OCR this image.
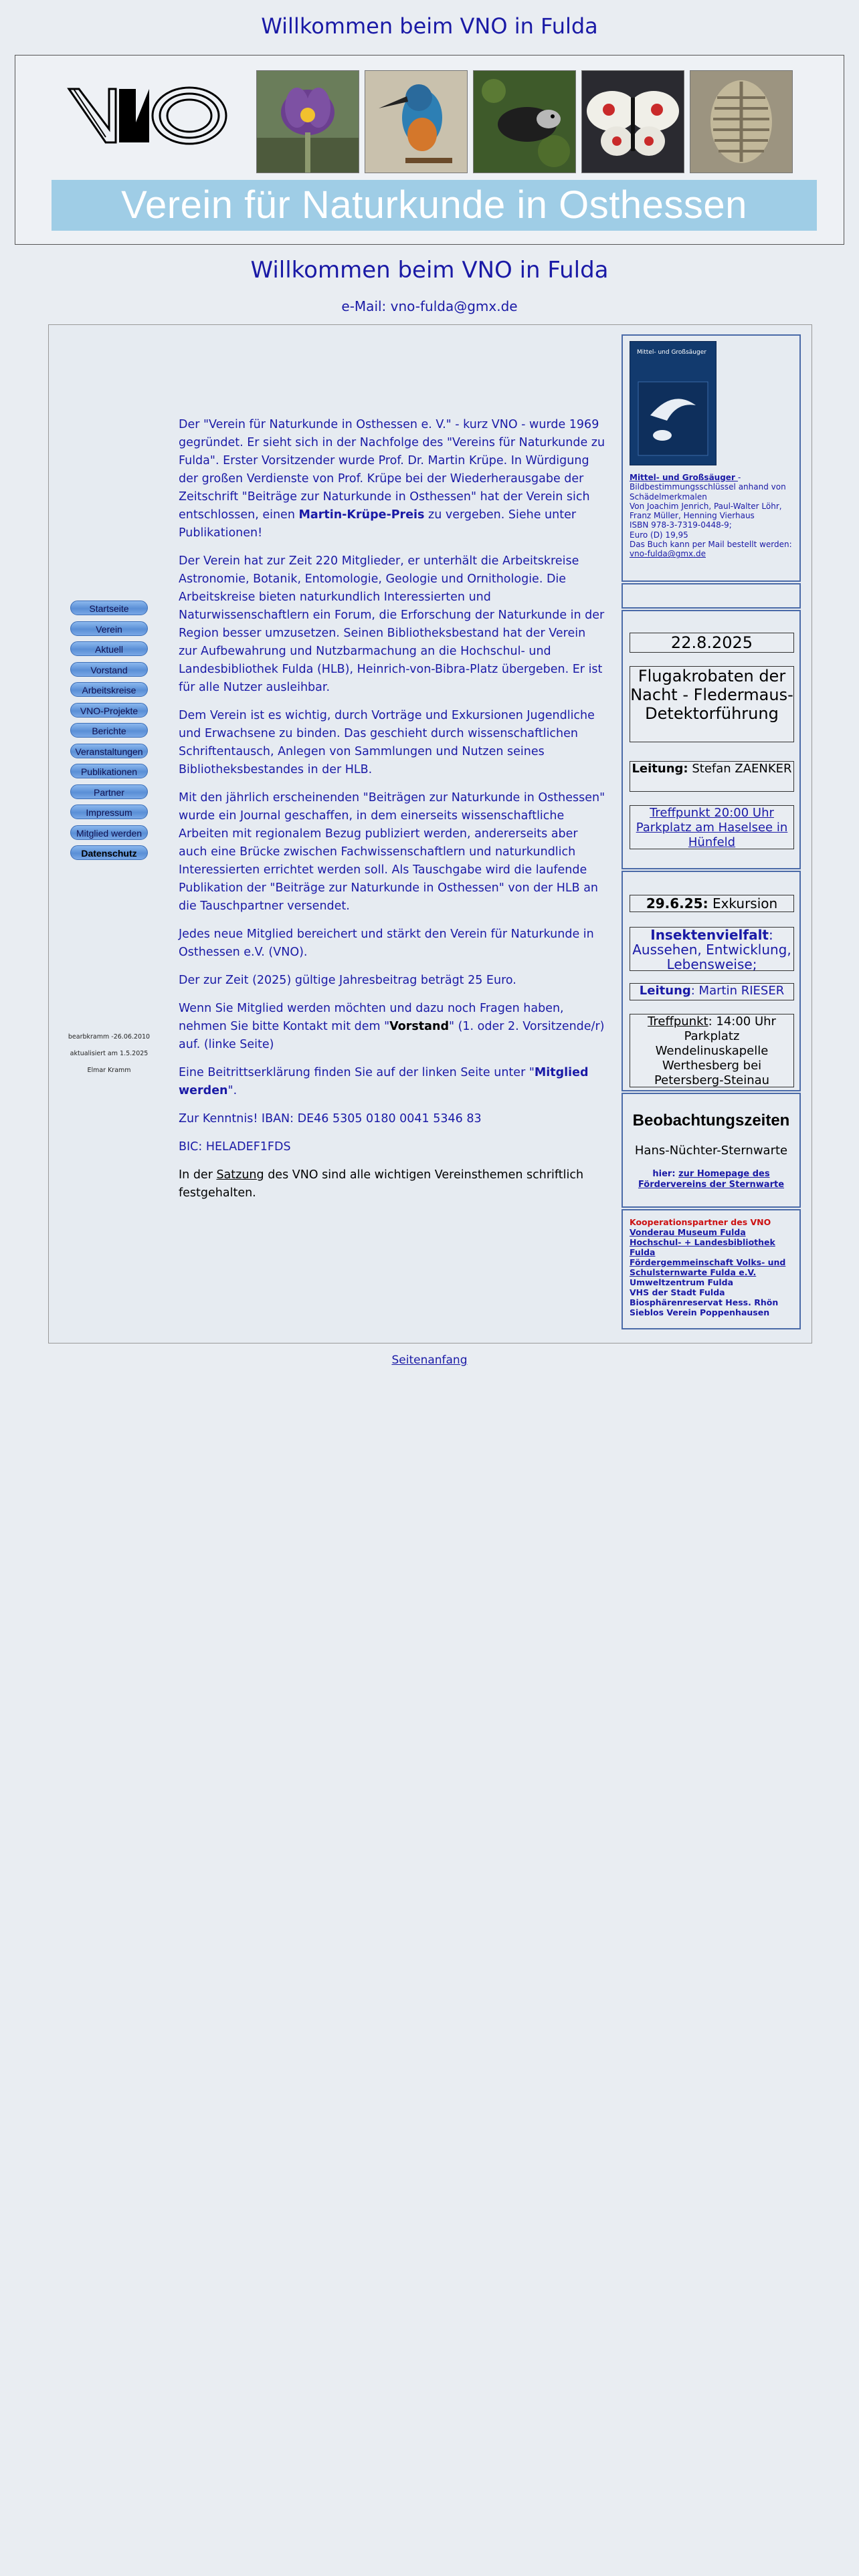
Willkommen beim VNO in Fulda
Verein für Naturkunde in Osthessen
Willkommen beim VNO in Fulda
e-Mail: vno-fulda@gmx.de
Startseite
Verein
Aktuell
Vorstand
Arbeitskreise
VNO-Projekte
Berichte
Veranstaltungen
Publikationen
Partner
Impressum
Mitglied werden
Datenschutz
bearbkramm -26.06.2010
aktualisiert am 1.5.2025
Elmar Kramm

Der "Verein für Naturkunde in Osthessen e. V." - kurz VNO - wurde 1969 gegründet. Er sieht sich in der Nachfolge des "Vereins für Naturkunde zu Fulda". Erster Vorsitzender wurde Prof. Dr. Martin Krüpe. In Würdigung der großen Verdienste von Prof. Krüpe bei der Wiederherausgabe der Zeitschrift "Beiträge zur Naturkunde in Osthessen" hat der Verein sich entschlossen, einen Martin-Krüpe-Preis zu vergeben. Siehe unter Publikationen!

Der Verein hat zur Zeit 220 Mitglieder, er unterhält die Arbeitskreise Astronomie, Botanik, Entomologie, Geologie und Ornithologie. Die Arbeitskreise bieten naturkundlich Interessierten und Naturwissenschaftlern ein Forum, die Erforschung der Naturkunde in der Region besser umzusetzen. Seinen Bibliotheksbestand hat der Verein zur Aufbewahrung und Nutzbarmachung an die Hochschul- und Landesbibliothek Fulda (HLB), Heinrich-von-Bibra-Platz übergeben. Er ist für alle Nutzer ausleihbar.

Dem Verein ist es wichtig, durch Vorträge und Exkursionen Jugendliche und Erwachsene zu binden. Das geschieht durch wissenschaftlichen Schriftentausch, Anlegen von Sammlungen und Nutzen seines Bibliotheksbestandes in der HLB.

Mit den jährlich erscheinenden "Beiträgen zur Naturkunde in Osthessen" wurde ein Journal geschaffen, in dem einerseits wissenschaftliche Arbeiten mit regionalem Bezug publiziert werden, andererseits aber auch eine Brücke zwischen Fachwissenschaftlern und naturkundlich Interessierten errichtet werden soll. Als Tauschgabe wird die laufende Publikation der "Beiträge zur Naturkunde in Osthessen" von der HLB an die Tauschpartner versendet.

Jedes neue Mitglied bereichert und stärkt den Verein für Naturkunde in Osthessen e.V. (VNO).

Der zur Zeit (2025) gültige Jahresbeitrag beträgt 25 Euro.

Wenn Sie Mitglied werden möchten und dazu noch Fragen haben, nehmen Sie bitte Kontakt mit dem "Vorstand" (1. oder 2. Vorsitzende/r) auf. (linke Seite)

Eine Beitrittserklärung finden Sie auf der linken Seite unter "Mitglied werden".

Zur Kenntnis! IBAN: DE46 5305 0180 0041 5346 83

BIC: HELADEF1FDS

In der Satzung des VNO sind alle wichtigen Vereinsthemen schriftlich festgehalten.

Mittel- und Großsäuger
Mittel- und Großsäuger - Bildbestimmungsschlüssel anhand von Schädelmerkmalen
Von Joachim Jenrich, Paul-Walter Löhr, Franz Müller, Henning Vierhaus
ISBN 978-3-7319-0448-9;
Euro (D) 19,95
Das Buch kann per Mail bestellt werden:
vno-fulda@gmx.de
22.8.2025
Flugakrobaten der Nacht - Fledermaus-Detektorführung
Leitung: Stefan ZAENKER
Treffpunkt 20:00 Uhr Parkplatz am Haselsee in Hünfeld
29.6.25: Exkursion
Insektenvielfalt: Aussehen, Entwicklung, Lebensweise;
Leitung: Martin RIESER
Treffpunkt: 14:00 Uhr Parkplatz Wendelinuskapelle Werthesberg bei Petersberg-Steinau
Beobachtungszeiten
Hans-Nüchter-Sternwarte
hier: zur Homepage des Fördervereins der Sternwarte
Kooperationspartner des VNO
Vonderau Museum Fulda
Hochschul- + Landesbibliothek Fulda
Fördergemmeinschaft Volks- und Schulsternwarte Fulda e.V.
Umweltzentrum Fulda
VHS der Stadt Fulda
Biosphärenreservat Hess. Rhön
Sieblos Verein Poppenhausen
Seitenanfang
